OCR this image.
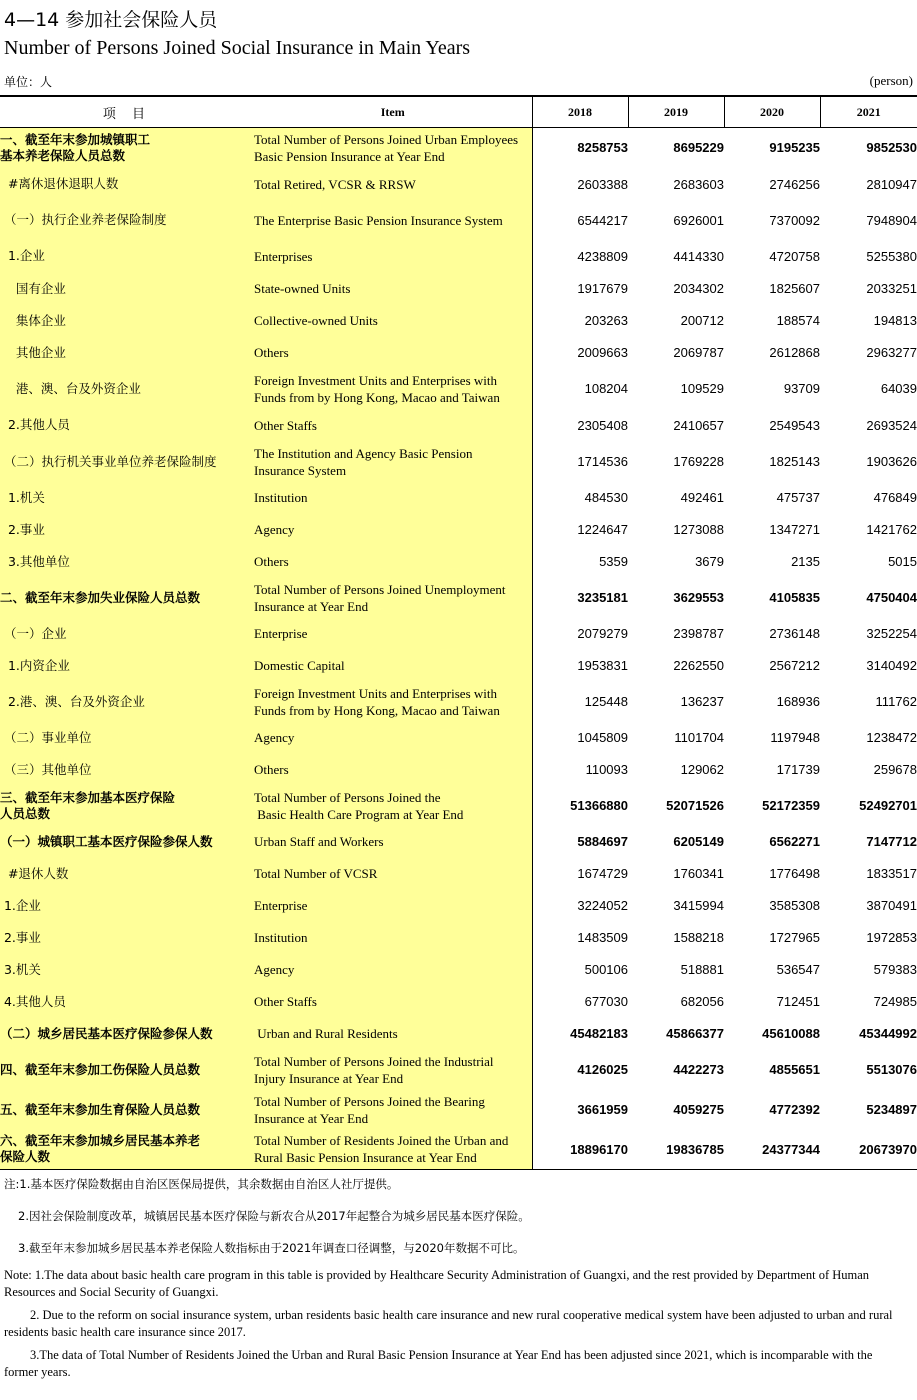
4—14 参加社会保险人员
Number of Persons Joined Social Insurance in Main Years
单位：人	(person)
项 目	Item	2018	2019	2020	2021
一、截至年末参加城镇职工
基本养老保险人员总数	Total Number of Persons Joined Urban Employees
Basic Pension Insurance at Year End	8258753	8695229	9195235	9852530
#离休退休退职人数	Total Retired, VCSR & RRSW	2603388	2683603	2746256	2810947
（一）执行企业养老保险制度	The Enterprise Basic Pension Insurance System	6544217	6926001	7370092	7948904
1.企业	Enterprises	4238809	4414330	4720758	5255380
国有企业	State-owned Units	1917679	2034302	1825607	2033251
集体企业	Collective-owned Units	203263	200712	188574	194813
其他企业	Others	2009663	2069787	2612868	2963277
港、澳、台及外资企业	Foreign Investment Units and Enterprises with
Funds from by Hong Kong, Macao and Taiwan	108204	109529	93709	64039
2.其他人员	Other Staffs	2305408	2410657	2549543	2693524
（二）执行机关事业单位养老保险制度	The Institution and Agency Basic Pension
Insurance System	1714536	1769228	1825143	1903626
1.机关	Institution	484530	492461	475737	476849
2.事业	Agency	1224647	1273088	1347271	1421762
3.其他单位	Others	5359	3679	2135	5015
二、截至年末参加失业保险人员总数	Total Number of Persons Joined Unemployment
Insurance at Year End	3235181	3629553	4105835	4750404
（一）企业	Enterprise	2079279	2398787	2736148	3252254
1.内资企业	Domestic Capital	1953831	2262550	2567212	3140492
2.港、澳、台及外资企业	Foreign Investment Units and Enterprises with
Funds from by Hong Kong, Macao and Taiwan	125448	136237	168936	111762
（二）事业单位	Agency	1045809	1101704	1197948	1238472
（三）其他单位	Others	110093	129062	171739	259678
三、截至年末参加基本医疗保险
人员总数	Total Number of Persons Joined the
Basic Health Care Program at Year End	51366880	52071526	52172359	52492701
（一）城镇职工基本医疗保险参保人数	Urban Staff and Workers	5884697	6205149	6562271	7147712
#退休人数	Total Number of VCSR	1674729	1760341	1776498	1833517
1.企业	Enterprise	3224052	3415994	3585308	3870491
2.事业	Institution	1483509	1588218	1727965	1972853
3.机关	Agency	500106	518881	536547	579383
4.其他人员	Other Staffs	677030	682056	712451	724985
（二）城乡居民基本医疗保险参保人数	Urban and Rural Residents	45482183	45866377	45610088	45344992
四、截至年末参加工伤保险人员总数	Total Number of Persons Joined the Industrial
Injury Insurance at Year End	4126025	4422273	4855651	5513076
五、截至年末参加生育保险人员总数	Total Number of Persons Joined the Bearing
Insurance at Year End	3661959	4059275	4772392	5234897
六、截至年末参加城乡居民基本养老
保险人数	Total Number of Residents Joined the Urban and
Rural Basic Pension Insurance at Year End	18896170	19836785	24377344	20673970
注:1.基本医疗保险数据由自治区医保局提供，其余数据由自治区人社厅提供。
2.因社会保险制度改革，城镇居民基本医疗保险与新农合从2017年起整合为城乡居民基本医疗保险。
3.截至年末参加城乡居民基本养老保险人数指标由于2021年调查口径调整，与2020年数据不可比。
Note: 1.The data about basic health care program in this table is provided by Healthcare Security Administration of Guangxi, and the rest provided by Department of Human Resources and Social Security of Guangxi.
2. Due to the reform on social insurance system, urban residents basic health care insurance and new rural cooperative medical system have been adjusted to urban and rural residents basic health care insurance since 2017.
3.The data of Total Number of Residents Joined the Urban and Rural Basic Pension Insurance at Year End has been adjusted since 2021, which is incomparable with the former years.
